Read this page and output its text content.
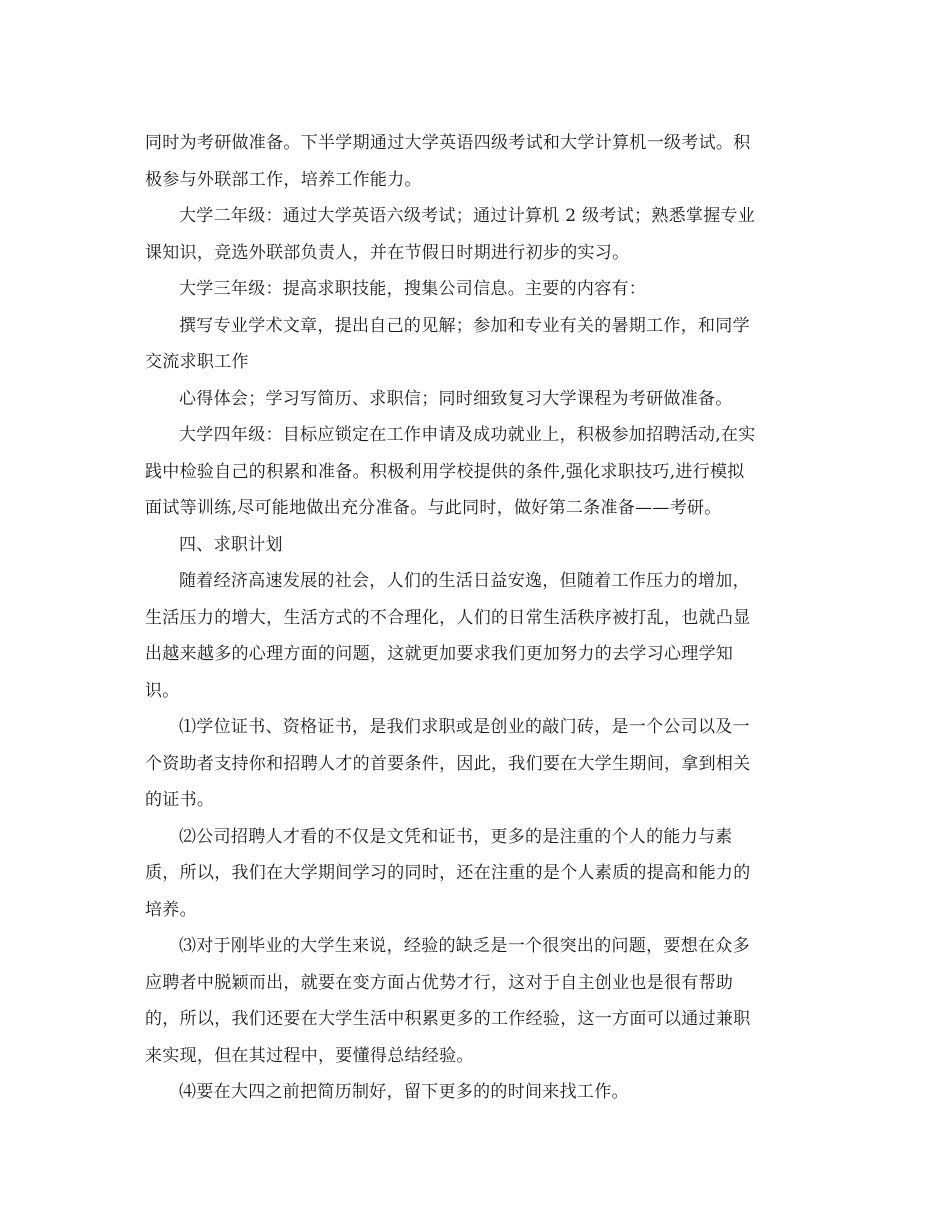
同时为考研做准备。下半学期通过大学英语四级考试和大学计算机一级考试。积
极参与外联部工作，培养工作能力。
大学二年级：通过大学英语六级考试；通过计算机 2 级考试；熟悉掌握专业
课知识，竞选外联部负责人，并在节假日时期进行初步的实习。
大学三年级：提高求职技能，搜集公司信息。主要的内容有：
撰写专业学术文章，提出自己的见解；参加和专业有关的暑期工作，和同学
交流求职工作
心得体会；学习写简历、求职信；同时细致复习大学课程为考研做准备。
大学四年级：目标应锁定在工作申请及成功就业上，积极参加招聘活动,在实
践中检验自己的积累和准备。积极利用学校提供的条件,强化求职技巧,进行模拟
面试等训练,尽可能地做出充分准备。与此同时，做好第二条准备——考研。
四、求职计划
随着经济高速发展的社会，人们的生活日益安逸，但随着工作压力的增加，
生活压力的增大，生活方式的不合理化，人们的日常生活秩序被打乱，也就凸显
出越来越多的心理方面的问题，这就更加要求我们更加努力的去学习心理学知
识。
⑴学位证书、资格证书，是我们求职或是创业的敲门砖，是一个公司以及一
个资助者支持你和招聘人才的首要条件，因此，我们要在大学生期间，拿到相关
的证书。
⑵公司招聘人才看的不仅是文凭和证书，更多的是注重的个人的能力与素
质，所以，我们在大学期间学习的同时，还在注重的是个人素质的提高和能力的
培养。
⑶对于刚毕业的大学生来说，经验的缺乏是一个很突出的问题，要想在众多
应聘者中脱颖而出，就要在变方面占优势才行，这对于自主创业也是很有帮助
的，所以，我们还要在大学生活中积累更多的工作经验，这一方面可以通过兼职
来实现，但在其过程中，要懂得总结经验。
⑷要在大四之前把简历制好，留下更多的的时间来找工作。
